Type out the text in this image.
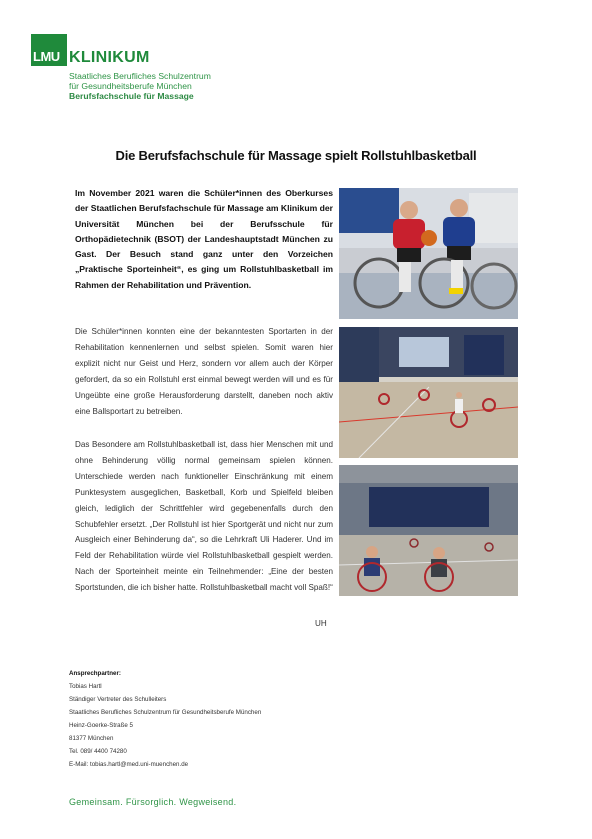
LMU KLINIKUM
Staatliches Berufliches Schulzentrum
für Gesundheitsberufe München
Berufsfachschule für Massage
Die Berufsfachschule für Massage spielt Rollstuhlbasketball
Im November 2021 waren die Schüler*innen des Oberkurses der Staatlichen Berufsfachschule für Massage am Klinikum der Universität München bei der Berufsschule für Orthopädietechnik (BSOT) der Landeshauptstadt München zu Gast. Der Besuch stand ganz unter den Vorzeichen „Praktische Sporteinheit“, es ging um Rollstuhlbasketball im Rahmen der Rehabilitation und Prävention.
Die Schüler*innen konnten eine der bekanntesten Sportarten in der Rehabilitation kennenlernen und selbst spielen. Somit waren hier explizit nicht nur Geist und Herz, sondern vor allem auch der Körper gefordert, da so ein Rollstuhl erst einmal bewegt werden will und es für Ungeübte eine große Herausforderung darstellt, daneben noch aktiv eine Ballsportart zu betreiben.
Das Besondere am Rollstuhlbasketball ist, dass hier Menschen mit und ohne Behinderung völlig normal gemeinsam spielen können. Unterschiede werden nach funktioneller Einschränkung mit einem Punktesystem ausgeglichen, Basketball, Korb und Spielfeld bleiben gleich, lediglich der Schrittfehler wird gegebenenfalls durch den Schubfehler ersetzt. „Der Rollstuhl ist hier Sportgerät und nicht nur zum Ausgleich einer Behinderung da“, so die Lehrkraft Uli Haderer. Und im Feld der Rehabilitation würde viel Rollstuhlbasketball gespielt werden. Nach der Sporteinheit meinte ein Teilnehmender: „Eine der besten Sportstunden, die ich bisher hatte. Rollstuhlbasketball macht voll Spaß!“
UH
Ansprechpartner:
Tobias Hartl
Ständiger Vertreter des Schulleiters
Staatliches Berufliches Schulzentrum für Gesundheitsberufe München
Heinz-Goerke-Straße 5
81377 München
Tel. 089/ 4400 74280
E-Mail: tobias.hartl@med.uni-muenchen.de
Gemeinsam. Fürsorglich. Wegweisend.
